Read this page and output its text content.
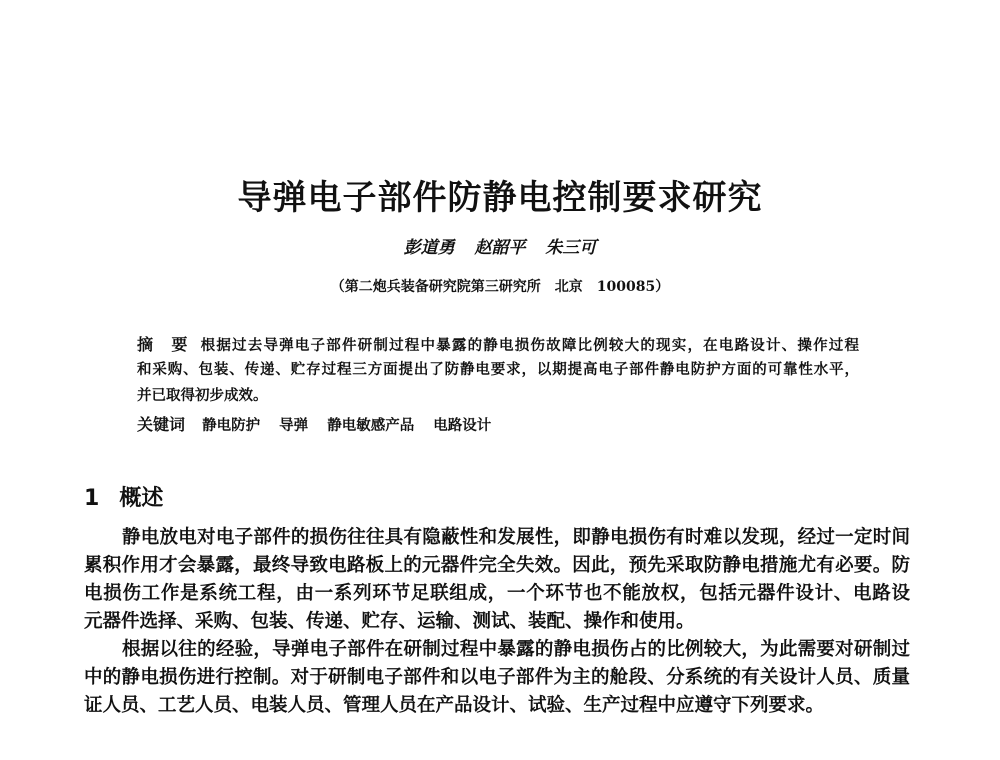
导弹电子部件防静电控制要求研究
彭道勇 赵韶平 朱三可
（第二炮兵装备研究院第三研究所　北京　100085）
摘　要 根据过去导弹电子部件研制过程中暴露的静电损伤故障比例较大的现实，在电路设计、操作过程
和采购、包装、传递、贮存过程三方面提出了防静电要求，以期提高电子部件静电防护方面的可靠性水平，
并已取得初步成效。
关键词 静电防护 导弹 静电敏感产品 电路设计
1 概述
静电放电对电子部件的损伤往往具有隐蔽性和发展性，即静电损伤有时难以发现，经过一定时间
累积作用才会暴露，最终导致电路板上的元器件完全失效。因此，预先采取防静电措施尤有必要。防
电损伤工作是系统工程，由一系列环节足联组成，一个环节也不能放权，包括元器件设计、电路设
元器件选择、采购、包装、传递、贮存、运输、测试、装配、操作和使用。
根据以往的经验，导弹电子部件在研制过程中暴露的静电损伤占的比例较大，为此需要对研制过
中的静电损伤进行控制。对于研制电子部件和以电子部件为主的舱段、分系统的有关设计人员、质量
证人员、工艺人员、电装人员、管理人员在产品设计、试验、生产过程中应遵守下列要求。
